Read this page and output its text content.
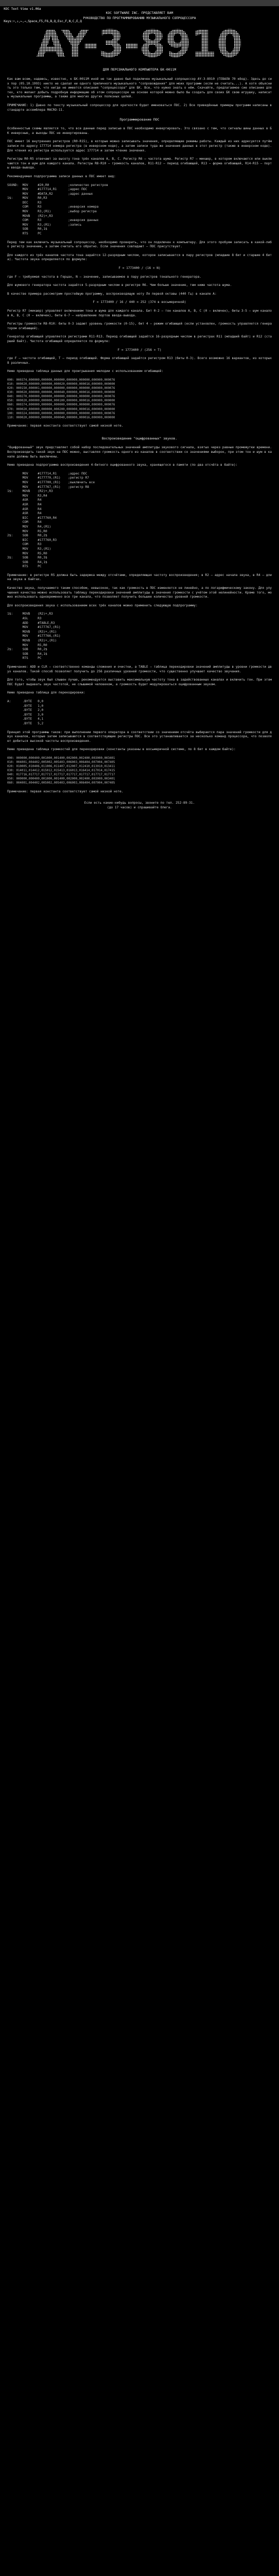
KOC Text View v1.06a

Keys:↑,↓,←,→,Space,F5,F6,B,Q,Esc,F,N,C,E,Q

KOC SOFTWARE INC. ПРЕДСТАВЛЯЕТ ВАМ
РУКОВОДСТВО ПО ПРОГРАММИРОВАНИЮ МУЗЫКАЛЬНОГО СОПРОЦЕССОРА
AY-3-8910
ДЛЯ ПЕРСОНАЛЬНОГО КОМПЬЮТЕРА БК-0011М
Как вам всем, надеюсь, известно, к БК-0011М иной не так давно был подключен музыкальный сопроцессор AY-3-8910 (ГЕВАЛА 70 кбод). Здесь до сих пор (05.10.1993) никто не сделал ни одного приличного музыкального "сопровождения" для моих программ (если не считать...). А хотя объяснить это только тем, что нигде не имеется описания "сопроцессора" для БК. Все, что нужно знать о нём. Скачайте, предлагаемое сие описание для тех, кто желает добыть подробную информацию об этом сопроцессоре на основе которой можно было бы создать для своих БК свою игрушку, написать музыкальные программы, а также для многих других полезных целей.
ПРИМЕЧАНИЕ: 1) Давно по тексту музыкальный сопроцессор для краткости будет именоваться ПОС. 2) Все приведённые примеры программ написаны в стандарте ассемблера MACRO-11.
Программирование ПОС
Особенностью схемы является то, что все данные перед записью в ПОС необходимо инвертировать. Это связано с тем, что сигналы шины данных в БК инверсные, а выходы ПОС не инвертированы.
ПОС имеет 16 внутренних регистров (R0-R15), в которые можно записывать значения, определяющие режимы работы. Каждый из них адресуется путём записи по адресу 177714 номера регистра (в инверсном коде), а затем записи туда же значения данных в этот регистр (также в инверсном коде). Для чтения из регистра используется адрес 177714 и затем чтение значения.
Регистры R0-R5 отвечают за высоту тона трёх каналов A, B, C. Регистр R6 — частота шума. Регистр R7 — микшер, в котором включаются или выключаются тон и шум для каждого канала. Регистры R8-R10 — громкость каналов, R11-R12 — период огибающей, R13 — форма огибающей, R14-R15 — порты ввода-вывода.
Рекомендуемая подпрограмма записи данных в ПОС имеет вид:
SOUND:  MOV     #20,R0          ;количество регистров
MOV     #177714,R1      ;адрес ПОС
MOV     #DATA,R2        ;адрес данных
1$:     MOV     R0,R3
DEC     R3
COM     R3              ;инверсия номера
MOV     R3,(R1)         ;выбор регистра
MOVB    (R2)+,R3
COM     R3              ;инверсия данных
MOV     R3,(R1)         ;запись
SOB     R0,1$
RTS     PC
Перед тем как включить музыкальный сопроцессор, необходимо проверить, что он подключен к компьютеру. Для этого пробуем записать в какой-либо регистр значение, а затем считать его обратно. Если значения совпадают — ПОС присутствует.
Для каждого из трёх каналов частота тона задаётся 12-разрядным числом, которое записывается в пару регистров (младшие 8 бит и старшие 4 бита). Частота звука определяется по формуле:
F = 1773400 / (16 × N)
где F — требуемая частота в Герцах, N — значение, записываемое в пару регистров тонального генератора.
Для шумового генератора частота задаётся 5-разрядным числом в регистре R6. Чем больше значение, тем ниже частота шума.
В качестве примера рассмотрим простейшую программу, воспроизводящую ноту Ля первой октавы (440 Гц) в канале A:
F = 1773400 / 16 / 440 = 252 (374 в восьмеричной)
Регистр R7 (микшер) управляет включением тона и шума для каждого канала. Бит 0-2 — тон каналов A, B, C (0 — включен), биты 3-5 — шум каналов A, B, C (0 — включен), биты 6-7 — направление портов ввода-вывода.
Регистры громкости R8-R10: биты 0-3 задают уровень громкости (0-15), бит 4 — режим огибающей (если установлен, громкость управляется генератором огибающей).
Генератор огибающей управляется регистрами R11-R13. Период огибающей задаётся 16-разрядным числом в регистрах R11 (младший байт) и R12 (старший байт). Частота огибающей определяется по формуле:
F = 1773400 / (256 × T)
где F — частота огибающей, T — период огибающей. Форма огибающей задаётся регистром R13 (биты 0-3). Всего возможно 16 вариантов, из которых 8 различных.
Ниже приведена таблица данных для проигрывания мелодии с использованием огибающей:
000: 000374,000000,000000,000000,000000,000000,000000,000076
010: 000020,000000,000000,000020,000000,000016,000000,000000
020: 000150,000001,000000,000000,000000,000000,000000,000076
030: 000020,000000,000000,000040,000000,000016,000000,000000
040: 000270,000000,000000,000000,000000,000000,000000,000076
050: 000020,000000,000000,000100,000000,000016,000000,000000
060: 000374,000000,000000,000000,000000,000000,000000,000076
070: 000020,000000,000000,000200,000000,000016,000000,000000
100: 000324,000000,000000,000000,000000,000000,000000,000076
110: 000020,000000,000000,000040,000000,000016,000000,000000
Примечание: первая константа соответствует самой низкой ноте.
Воспроизведение "оцифрованных" звуков.
"Оцифрованный" звук представляет собой набор последовательных значений амплитуды звукового сигнала, взятых через равные промежутки времени. Воспроизводить такой звук на ПОС можно, выставляя громкость одного из каналов в соответствии со значениями выборок, при этом тон и шум в канале должны быть выключены.
Ниже приведена подпрограмма воспроизведения 4-битного оцифрованного звука, хранящегося в памяти (по два отсчёта в байте):
MOV     #177714,R1      ;адрес ПОС
MOV     #177770,(R1)    ;регистр R7
MOV     #177700,(R1)    ;выключить все
MOV     #177767,(R1)    ;регистр R8
1$:     MOVB    (R2)+,R3
MOV     R3,R4
ASR     R4
ASR     R4
ASR     R4
ASR     R4
BIC     #177760,R4
COM     R4
MOV     R4,(R1)
MOV     R5,R0
2$:     SOB     R0,2$
BIC     #177760,R3
COM     R3
MOV     R3,(R1)
MOV     R5,R0
3$:     SOB     R0,3$
SOB     R4,1$
RTS     PC
Примечание: в регистре R5 должна быть задержка между отсчётами, определяющая частоту воспроизведения; в R2 — адрес начала звука, в R4 — длина звука в байтах.
Качество звука, получаемого таким способом, невысокое, так как громкость в ПОС изменяется не линейно, а по логарифмическому закону. Для улучшения качества можно использовать таблицу перекодировки значений амплитуды в значения громкости с учётом этой нелинейности. Кроме того, можно использовать одновременно все три канала, что позволяет получить большее количество уровней громкости.
Для воспроизведения звука с использованием всех трёх каналов можно применить следующую подпрограмму:
1$:     MOVB    (R2)+,R3
ASL     R3
ADD     #TABLE,R3
MOV     #177767,(R1)
MOVB    (R3)+,(R1)
MOV     #177766,(R1)
MOVB    (R3)+,(R1)
MOV     R5,R0
2$:     SOB     R0,2$
SOB     R4,1$
RTS     PC
Примечание: ADD и CLR — соответственно команды сложения и очистки, а TABLE — таблица перекодировки значений амплитуды в уровни громкости двух каналов. Такой способ позволяет получить до 256 различных уровней громкости, что существенно улучшает качество звучания.
Для того, чтобы звук был слышен лучше, рекомендуется выставить максимальную частоту тона в задействованных каналах и включить тон. При этом ПОС будет выдавать звук частотой, не слышимой человеком, а громкость будет модулироваться оцифрованным звуком.
Ниже приведена таблица для перекодировки:
A:      .BYTE   0,0
.BYTE   1,0
.BYTE   2,0
.BYTE   3,0
.BYTE   4,1
.BYTE   5,2
Принцип этой программы таков: при выполнении первого оператора в соответствии со значением отсчёта выбирается пара значений громкости для двух каналов, которые затем записываются в соответствующие регистры ПОС. Все это устанавливается за несколько команд процессора, что позволяет добиться высокой частоты воспроизведения.
Ниже приведена таблица громкостей для перекодировки (константы указаны в восьмеричной системе, по 8 бит в каждом байте):
000: 000000,000400,001000,001400,002000,002400,003000,003401
010: 004001,004402,005002,005403,006003,006404,007004,007405
020: 010005,010406,011006,011407,012007,012410,013010,013411
030: 014011,014412,015012,015413,016013,016414,017014,017415
040: 017716,017717,017717,017717,017717,017717,017717,017717
050: 000000,000400,001000,001400,002000,002400,003000,003401
060: 004001,004402,005002,005403,006003,006404,007004,007405
Примечание: первая константа соответствует самой низкой ноте.
Если есть какие-нибудь вопросы, звоните по тел. 252-89-31.
(до 17 часов) и спрашивайте Олега.
